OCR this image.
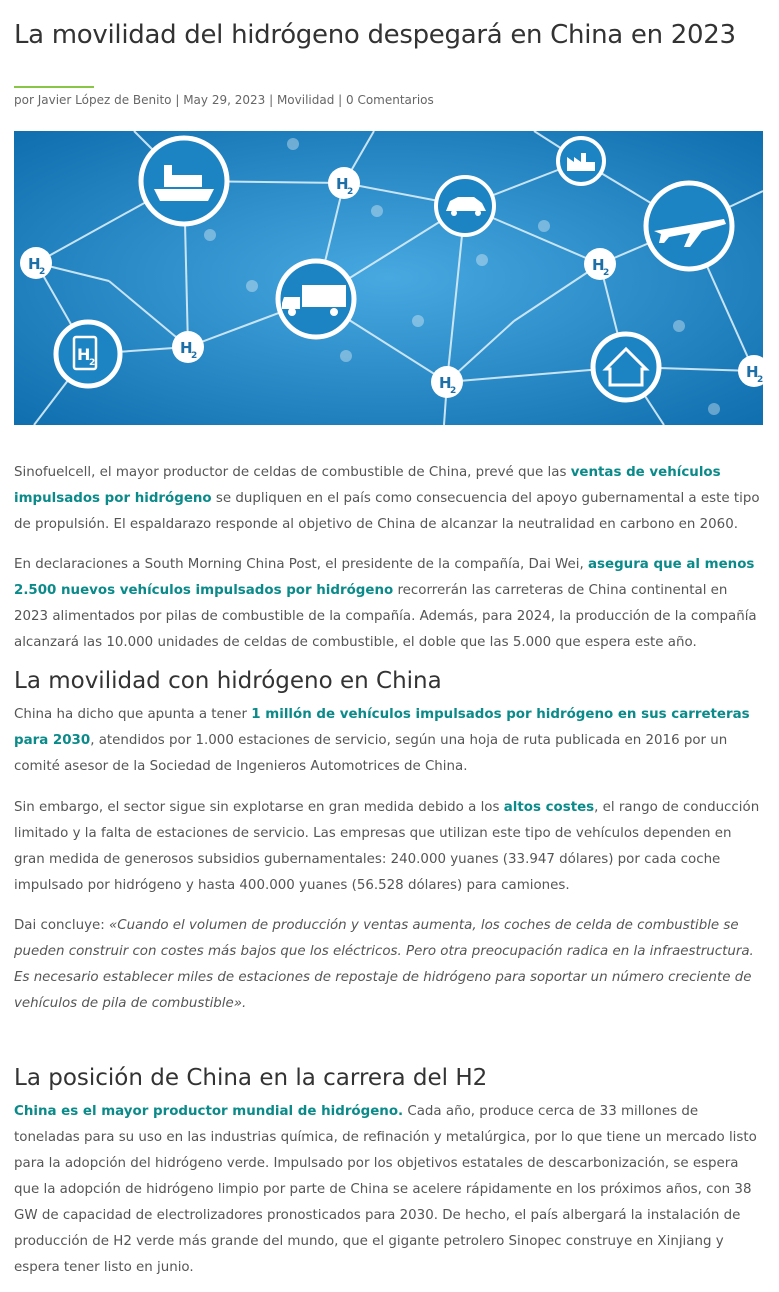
La movilidad del hidrógeno despegará en China en 2023
por Javier López de Benito | May 29, 2023 | Movilidad | 0 Comentarios
H
2
H
2	H
2
H
2
H
2
H
2
H
2

Sinofuelcell, el mayor productor de celdas de combustible de China, prevé que las ventas de vehículos impulsados por hidrógeno se dupliquen en el país como consecuencia del apoyo gubernamental a este tipo de propulsión. El espaldarazo responde al objetivo de China de alcanzar la neutralidad en carbono en 2060.

En declaraciones a South Morning China Post, el presidente de la compañía, Dai Wei, asegura que al menos 2.500 nuevos vehículos impulsados por hidrógeno recorrerán las carreteras de China continental en 2023 alimentados por pilas de combustible de la compañía. Además, para 2024, la producción de la compañía alcanzará las 10.000 unidades de celdas de combustible, el doble que las 5.000 que espera este año.

La movilidad con hidrógeno en China

China ha dicho que apunta a tener 1 millón de vehículos impulsados por hidrógeno en sus carreteras para 2030, atendidos por 1.000 estaciones de servicio, según una hoja de ruta publicada en 2016 por un comité asesor de la Sociedad de Ingenieros Automotrices de China.

Sin embargo, el sector sigue sin explotarse en gran medida debido a los altos costes, el rango de conducción limitado y la falta de estaciones de servicio. Las empresas que utilizan este tipo de vehículos dependen en gran medida de generosos subsidios gubernamentales: 240.000 yuanes (33.947 dólares) por cada coche impulsado por hidrógeno y hasta 400.000 yuanes (56.528 dólares) para camiones.

Dai concluye: «Cuando el volumen de producción y ventas aumenta, los coches de celda de combustible se pueden construir con costes más bajos que los eléctricos. Pero otra preocupación radica en la infraestructura. Es necesario establecer miles de estaciones de repostaje de hidrógeno para soportar un número creciente de vehículos de pila de combustible».

La posición de China en la carrera del H2

China es el mayor productor mundial de hidrógeno. Cada año, produce cerca de 33 millones de toneladas para su uso en las industrias química, de refinación y metalúrgica, por lo que tiene un mercado listo para la adopción del hidrógeno verde. Impulsado por los objetivos estatales de descarbonización, se espera que la adopción de hidrógeno limpio por parte de China se acelere rápidamente en los próximos años, con 38 GW de capacidad de electrolizadores pronosticados para 2030. De hecho, el país albergará la instalación de producción de H2 verde más grande del mundo, que el gigante petrolero Sinopec construye en Xinjiang y espera tener listo en junio.
